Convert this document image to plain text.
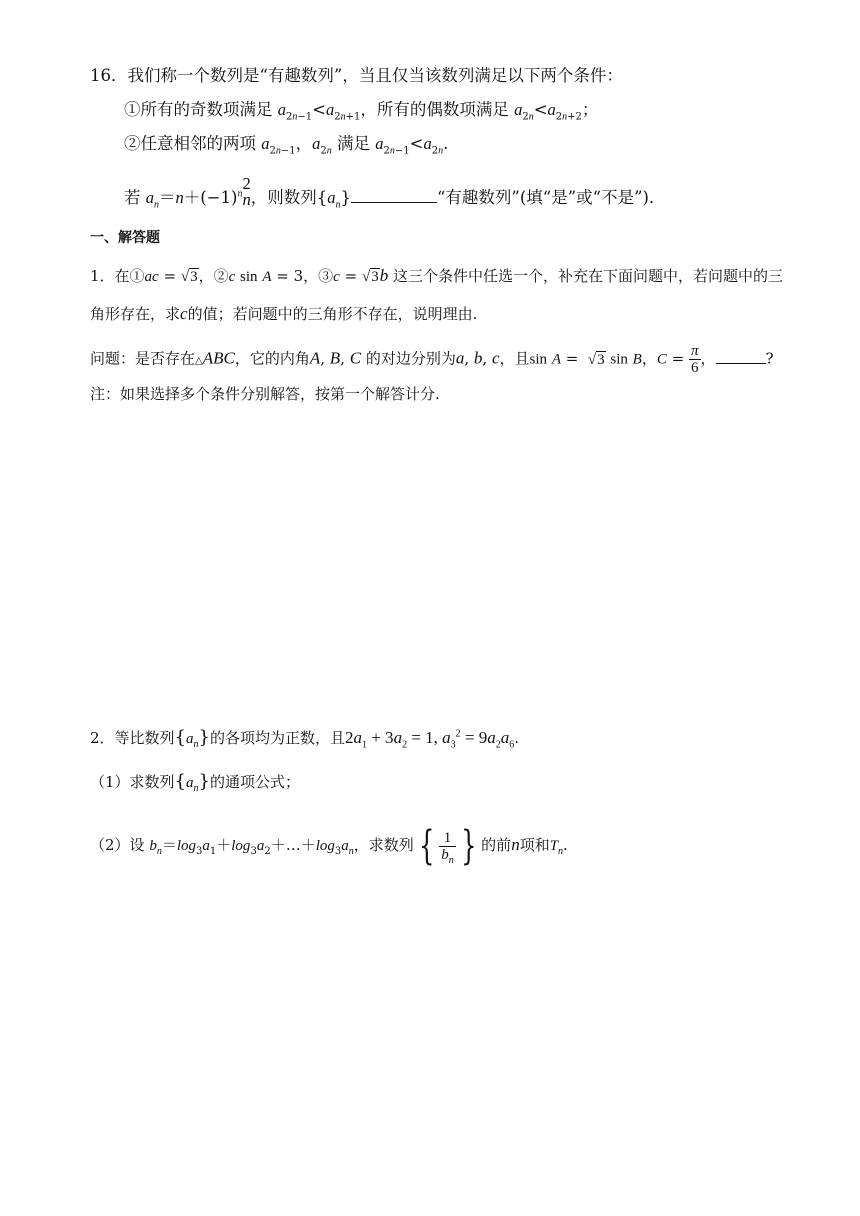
16．我们称一个数列是“有趣数列”，当且仅当该数列满足以下两个条件：
①所有的奇数项满足 $a_{2n-1}<a_{2n+1}$，所有的偶数项满足 $a_{2n}<a_{2n+2}$；
②任意相邻的两项 $a_{2n-1}$，$a_{2n}$ 满足 $a_{2n-1}<a_{2n}$.
若 $a_n=n+(-1)^n$
2
n ，则数列$\{a_n\}$	“有趣数列”(填“是”或“不是”)．
一、解答题
1．在①ac = √3，②c sin A = 3，③c = √3b 这三个条件中任选一个，补充在下面问题中，若问题中的三
角形存在，求c的值；若问题中的三角形不存在，说明理由.
问题：是否存在△ABC，它的内角A, B, C 的对边分别为a, b, c，且sin A =  √3 sin B，$C = \frac{\pi}{6}$ ，	?
注：如果选择多个条件分别解答，按第一个解答计分.
2．等比数列$\{a_n\}$的各项均为正数，且$2a_1 + 3a_2 = 1$, $a_3^2 = 9a_2a_6$.
（1）求数列$\{a_n\}$的通项公式；
（2）设 $b_n=\log_3a_1+\log_3a_2+\dots+\log_3a_n$，求数列 { $\frac{1}{b_n}$ } 的前n项和$T_n$.
